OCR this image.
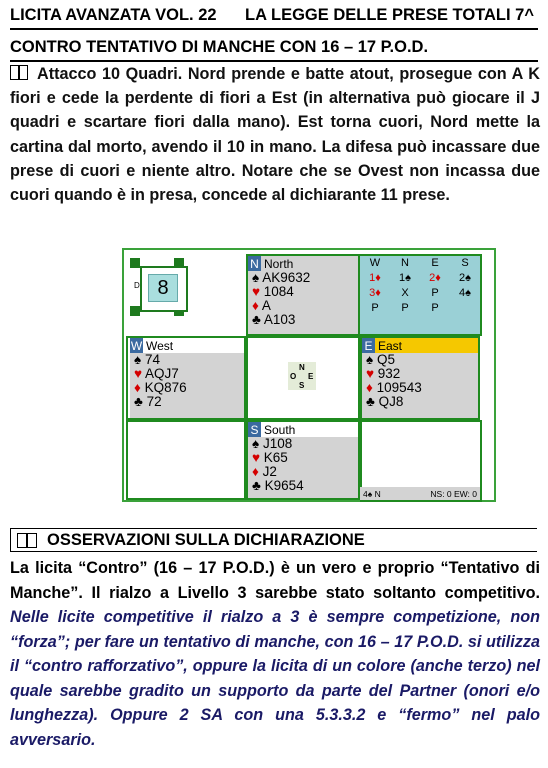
LICITA AVANZATA VOL. 22 LA LEGGE DELLE PRESE TOTALI 7^
CONTRO TENTATIVO DI MANCHE CON 16 – 17 P.O.D.
Attacco 10 Quadri. Nord prende e batte atout, prosegue con A K fiori e cede la perdente di fiori a Est (in alternativa può giocare il J quadri e scartare fiori dalla mano). Est torna cuori, Nord mette la cartina dal morto, avendo il 10 in mano. La difesa può incassare due prese di cuori e niente altro. Notare che se Ovest non incassa due cuori quando è in presa, concede al dichiarante 11 prese.
D 8
N North
♠ AK9632
♥ 1084
♦ A
♣ A103
W West
♠ 74
♥ AQJ7
♦ KQ876
♣ 72
E East
♠ Q5
♥ 932
♦ 109543
♣ QJ8
S South
♠ J108
♥ K65
♦ J2
♣ K9654
W	N	E	S
1♦	1♠	2♦	2♠
3♦	X	P	4♠
P	P	P
N
O E
S
4♠ N	NS: 0 EW: 0
OSSERVAZIONI SULLA DICHIARAZIONE
La licita “Contro” (16 – 17 P.O.D.) è un vero e proprio “Tentativo di Manche”. Il rialzo a Livello 3 sarebbe stato soltanto competitivo. Nelle licite competitive il rialzo a 3 è sempre competizione, non “forza”; per fare un tentativo di manche, con 16 – 17 P.O.D. si utilizza il “contro rafforzativo”, oppure la licita di un colore (anche terzo) nel quale sarebbe gradito un supporto da parte del Partner (onori e/o lunghezza). Oppure 2 SA con una 5.3.3.2 e “fermo” nel palo avversario.
